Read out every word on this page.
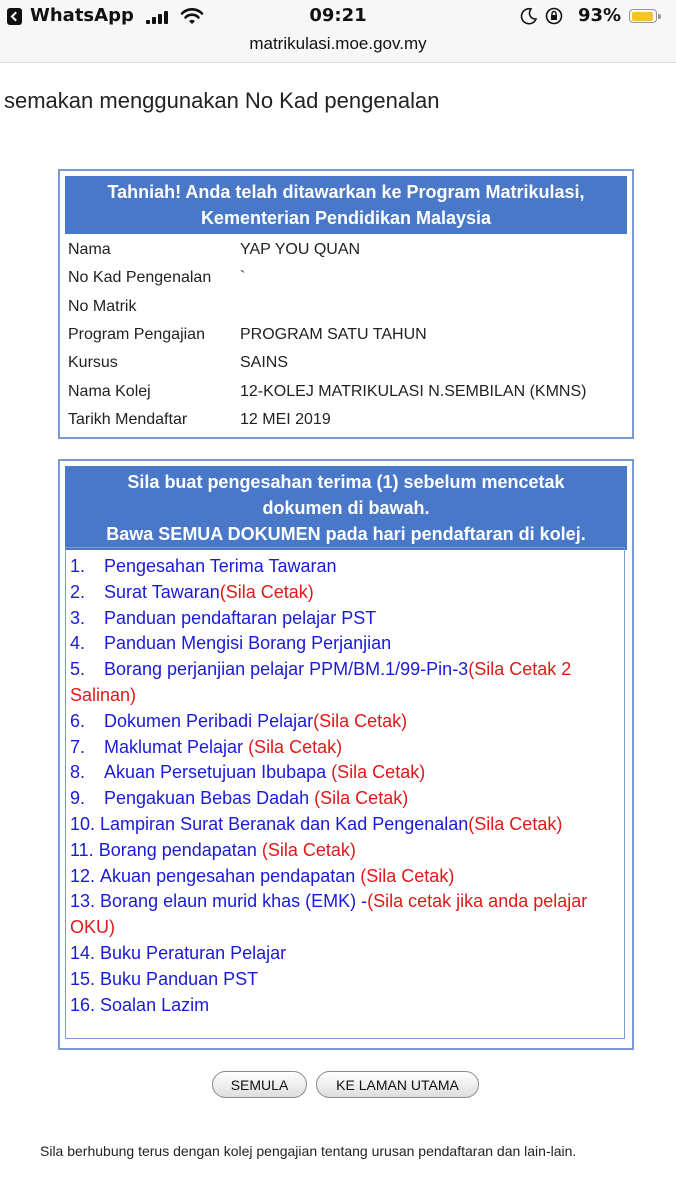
WhatsApp	09:21	93%
matrikulasi.moe.gov.my
semakan menggunakan No Kad pengenalan
Tahniah! Anda telah ditawarkan ke Program Matrikulasi,
Kementerian Pendidikan Malaysia
Nama	YAP YOU QUAN
No Kad Pengenalan	`
No Matrik
Program Pengajian	PROGRAM SATU TAHUN
Kursus	SAINS
Nama Kolej	12-KOLEJ MATRIKULASI N.SEMBILAN (KMNS)
Tarikh Mendaftar	12 MEI 2019
Sila buat pengesahan terima (1) sebelum mencetak
dokumen di bawah.
Bawa SEMUA DOKUMEN pada hari pendaftaran di kolej.
1. Pengesahan Terima Tawaran
2. Surat Tawaran(Sila Cetak)
3. Panduan pendaftaran pelajar PST
4. Panduan Mengisi Borang Perjanjian
5. Borang perjanjian pelajar PPM/BM.1/99-Pin-3(Sila Cetak 2 Salinan)
6. Dokumen Peribadi Pelajar(Sila Cetak)
7. Maklumat Pelajar (Sila Cetak)
8. Akuan Persetujuan Ibubapa (Sila Cetak)
9. Pengakuan Bebas Dadah (Sila Cetak)
10. Lampiran Surat Beranak dan Kad Pengenalan(Sila Cetak)
11. Borang pendapatan (Sila Cetak)
12. Akuan pengesahan pendapatan (Sila Cetak)
13. Borang elaun murid khas (EMK) -(Sila cetak jika anda pelajar OKU)
14. Buku Peraturan Pelajar
15. Buku Panduan PST
16. Soalan Lazim
SEMULA	KE LAMAN UTAMA
Sila berhubung terus dengan kolej pengajian tentang urusan pendaftaran dan lain-lain.
